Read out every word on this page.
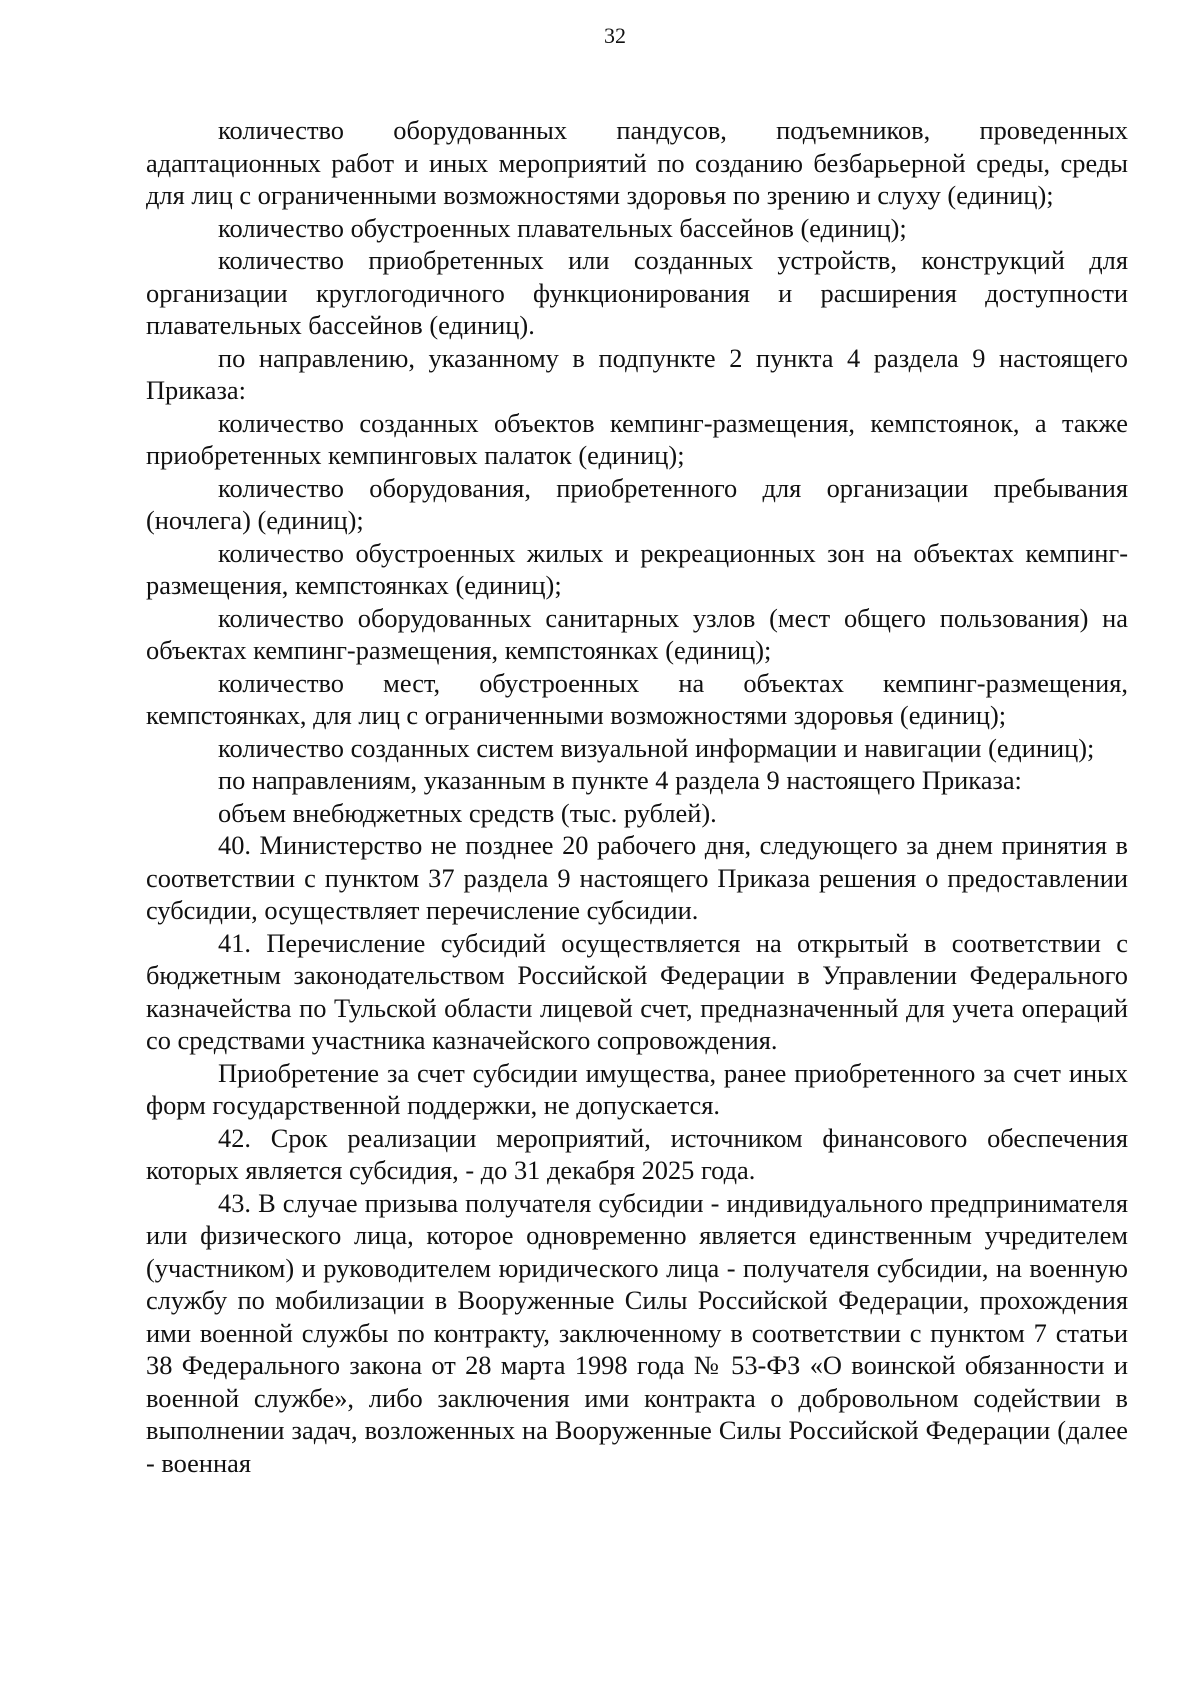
32

количество оборудованных пандусов, подъемников, проведенных адаптационных работ и иных мероприятий по созданию безбарьерной среды, среды для лиц с ограниченными возможностями здоровья по зрению и слуху (единиц);

количество обустроенных плавательных бассейнов (единиц);

количество приобретенных или созданных устройств, конструкций для организации круглогодичного функционирования и расширения доступности плавательных бассейнов (единиц).

по направлению, указанному в подпункте 2 пункта 4 раздела 9 настоящего Приказа:

количество созданных объектов кемпинг-размещения, кемпстоянок, а также приобретенных кемпинговых палаток (единиц);

количество оборудования, приобретенного для организации пребывания (ночлега) (единиц);

количество обустроенных жилых и рекреационных зон на объектах кемпинг-размещения, кемпстоянках (единиц);

количество оборудованных санитарных узлов (мест общего пользования) на объектах кемпинг-размещения, кемпстоянках (единиц);

количество мест, обустроенных на объектах кемпинг-размещения, кемпстоянках, для лиц с ограниченными возможностями здоровья (единиц);

количество созданных систем визуальной информации и навигации (единиц);

по направлениям, указанным в пункте 4 раздела 9 настоящего Приказа:

объем внебюджетных средств (тыс. рублей).

40. Министерство не позднее 20 рабочего дня, следующего за днем принятия в соответствии с пунктом 37 раздела 9 настоящего Приказа решения о предоставлении субсидии, осуществляет перечисление субсидии.

41. Перечисление субсидий осуществляется на открытый в соответствии с бюджетным законодательством Российской Федерации в Управлении Федерального казначейства по Тульской области лицевой счет, предназначенный для учета операций со средствами участника казначейского сопровождения.

Приобретение за счет субсидии имущества, ранее приобретенного за счет иных форм государственной поддержки, не допускается.

42. Срок реализации мероприятий, источником финансового обеспечения которых является субсидия, - до 31 декабря 2025 года.

43. В случае призыва получателя субсидии - индивидуального предпринимателя или физического лица, которое одновременно является единственным учредителем (участником) и руководителем юридического лица - получателя субсидии, на военную службу по мобилизации в Вооруженные Силы Российской Федерации, прохождения ими военной службы по контракту, заключенному в соответствии с пунктом 7 статьи 38 Федерального закона от 28 марта 1998 года № 53-ФЗ «О воинской обязанности и военной службе», либо заключения ими контракта о добровольном содействии в выполнении задач, возложенных на Вооруженные Силы Российской Федерации (далее - военная
